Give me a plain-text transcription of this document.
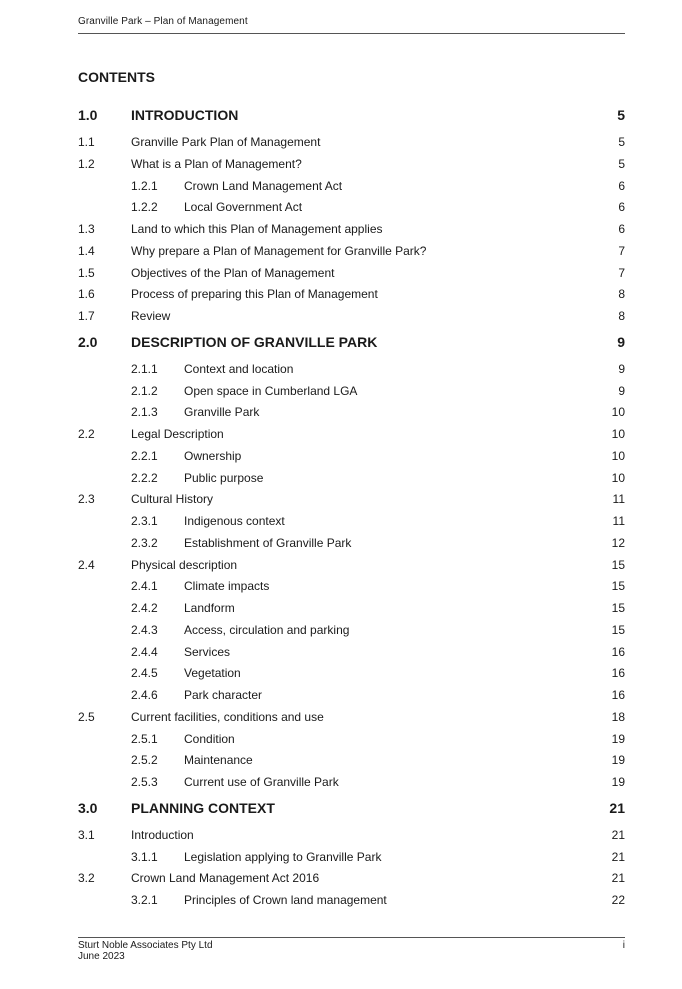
Granville Park – Plan of Management
CONTENTS
1.0 INTRODUCTION	5
1.1	Granville Park Plan of Management	5
1.2	What is a Plan of Management?	5
1.2.1 Crown Land Management Act	6
1.2.2 Local Government Act	6
1.3	Land to which this Plan of Management applies	6
1.4	Why prepare a Plan of Management for Granville Park?	7
1.5	Objectives of the Plan of Management	7
1.6	Process of preparing this Plan of Management	8
1.7	Review	8
2.0 DESCRIPTION OF GRANVILLE PARK	9
2.1.1 Context and location	9
2.1.2 Open space in Cumberland LGA	9
2.1.3 Granville Park	10
2.2	Legal Description	10
2.2.1 Ownership	10
2.2.2 Public purpose	10
2.3	Cultural History	11
2.3.1 Indigenous context	11
2.3.2 Establishment of Granville Park	12
2.4	Physical description	15
2.4.1 Climate impacts	15
2.4.2 Landform	15
2.4.3 Access, circulation and parking	15
2.4.4 Services	16
2.4.5 Vegetation	16
2.4.6 Park character	16
2.5	Current facilities, conditions and use	18
2.5.1 Condition	19
2.5.2 Maintenance	19
2.5.3 Current use of Granville Park	19
3.0 PLANNING CONTEXT	21
3.1	Introduction	21
3.1.1 Legislation applying to Granville Park	21
3.2	Crown Land Management Act 2016	21
3.2.1 Principles of Crown land management	22
Sturt Noble Associates Pty Ltd
June 2023
i
